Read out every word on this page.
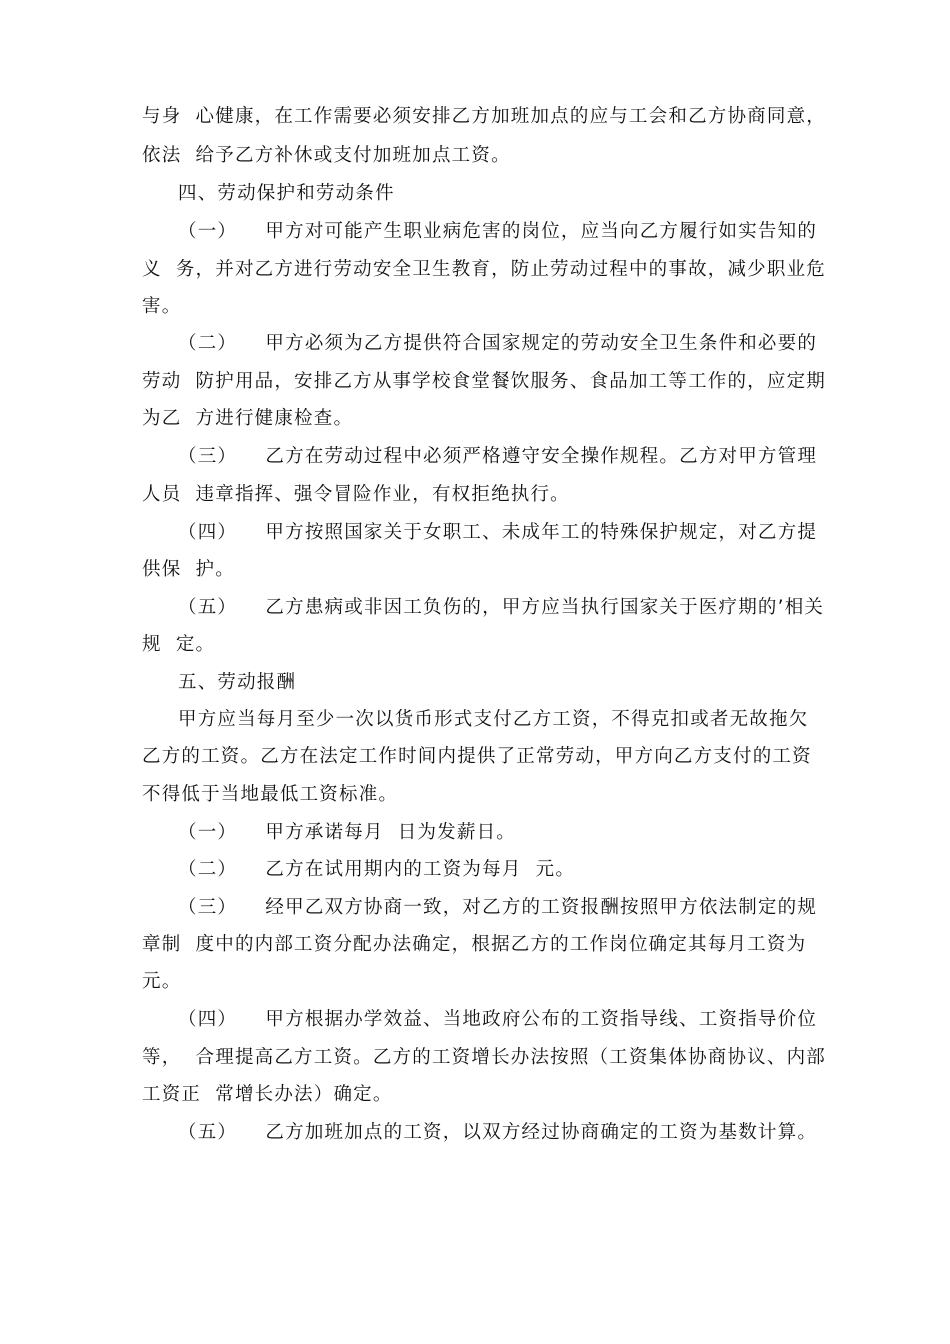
与身  心健康，在工作需要必须安排乙方加班加点的应与工会和乙方协商同意，
依法  给予乙方补休或支付加班加点工资。
四、劳动保护和劳动条件
（一）    甲方对可能产生职业病危害的岗位，应当向乙方履行如实告知的
义  务，并对乙方进行劳动安全卫生教育，防止劳动过程中的事故，减少职业危
害。
（二）    甲方必须为乙方提供符合国家规定的劳动安全卫生条件和必要的
劳动  防护用品，安排乙方从事学校食堂餐饮服务、食品加工等工作的，应定期
为乙  方进行健康检查。
（三）    乙方在劳动过程中必须严格遵守安全操作规程。乙方对甲方管理
人员  违章指挥、强令冒险作业，有权拒绝执行。
（四）    甲方按照国家关于女职工、未成年工的特殊保护规定，对乙方提
供保  护。
（五）    乙方患病或非因工负伤的，甲方应当执行国家关于医疗期的’相关
规  定。
五、劳动报酬
甲方应当每月至少一次以货币形式支付乙方工资，不得克扣或者无故拖欠
乙方的工资。乙方在法定工作时间内提供了正常劳动，甲方向乙方支付的工资
不得低于当地最低工资标准。
（一）    甲方承诺每月  日为发薪日。
（二）    乙方在试用期内的工资为每月  元。
（三）    经甲乙双方协商一致，对乙方的工资报酬按照甲方依法制定的规
章制  度中的内部工资分配办法确定，根据乙方的工作岗位确定其每月工资为
元。
（四）    甲方根据办学效益、当地政府公布的工资指导线、工资指导价位
等，  合理提高乙方工资。乙方的工资增长办法按照（工资集体协商协议、内部
工资正  常增长办法）确定。
（五）    乙方加班加点的工资，以双方经过协商确定的工资为基数计算。
